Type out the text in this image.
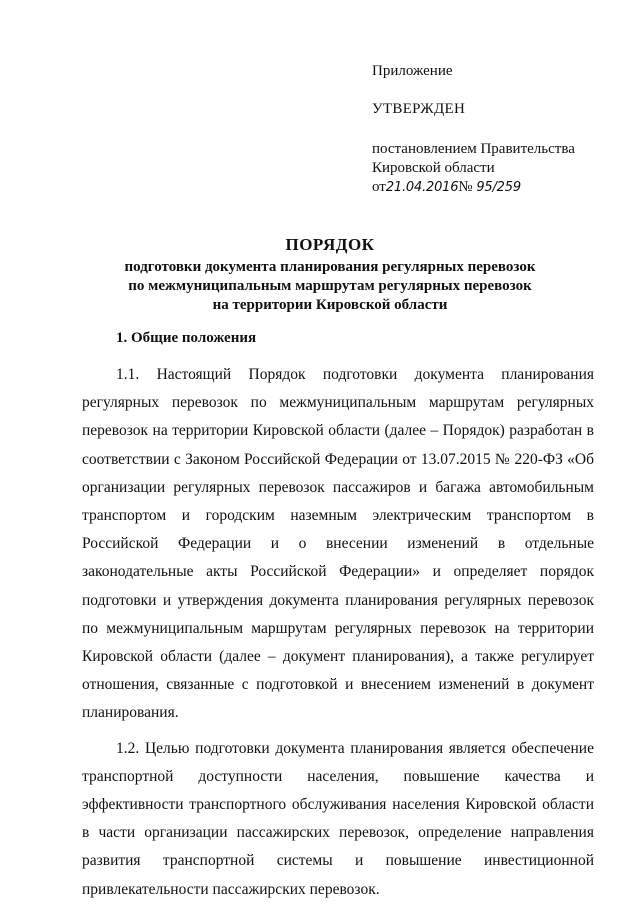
Приложение

УТВЕРЖДЕН

постановлением Правительства

Кировской области

от21.04.2016№ 95/259

ПОРЯДОК

подготовки документа планирования регулярных перевозок

по межмуниципальным маршрутам регулярных перевозок

на территории Кировской области

1. Общие положения

1.1. Настоящий Порядок подготовки документа планирования регулярных перевозок по межмуниципальным маршрутам регулярных перевозок на территории Кировской области (далее – Порядок) разработан в соответствии с Законом Российской Федерации от 13.07.2015 № 220-ФЗ «Об организации регулярных перевозок пассажиров и багажа автомобильным транспортом и городским наземным электрическим транспортом в Российской Федерации и о внесении изменений в отдельные законодательные акты Российской Федерации» и определяет порядок подготовки и утверждения документа планирования регулярных перевозок по межмуниципальным маршрутам регулярных перевозок на территории Кировской области (далее – документ планирования), а также регулирует отношения, связанные с подготовкой и внесением изменений в документ планирования.

1.2. Целью подготовки документа планирования является обеспечение транспортной доступности населения, повышение качества и эффективности транспортного обслуживания населения Кировской области в части организации пассажирских перевозок, определение направления развития транспортной системы и повышение инвестиционной привлекательности пассажирских перевозок.
